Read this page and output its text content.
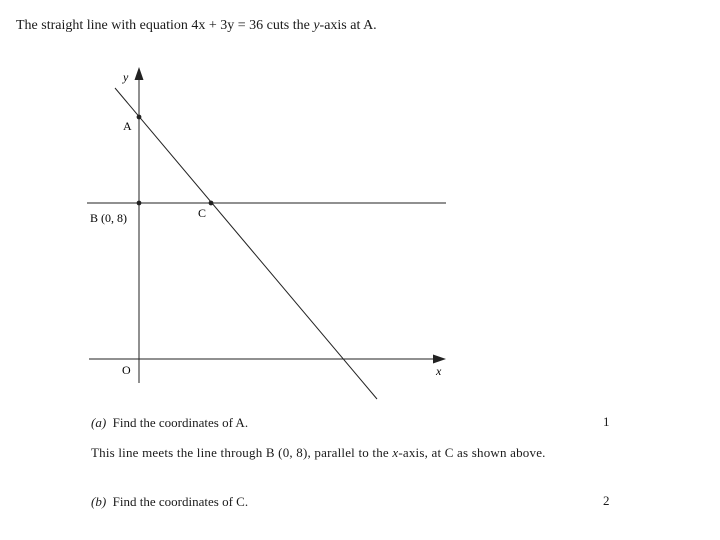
The straight line with equation 4x + 3y = 36 cuts the y-axis at A.
y
A
B (0, 8)	C
O	x
(a) Find the coordinates of A.	1
This line meets the line through B (0, 8), parallel to the x-axis, at C as shown above.
(b) Find the coordinates of C.	2
